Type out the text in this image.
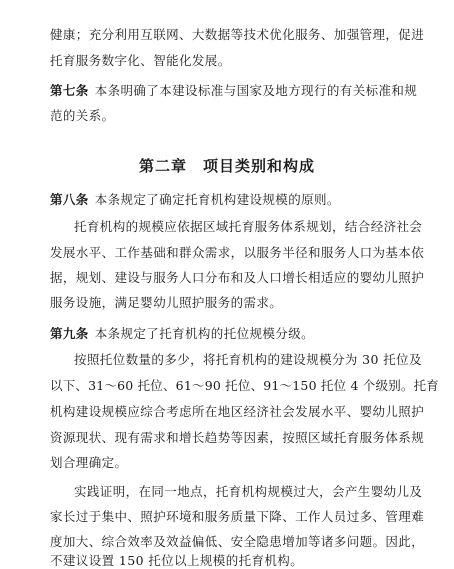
健康；充分利用互联网、大数据等技术优化服务、加强管理，促进
托育服务数字化、智能化发展。
第七条 本条明确了本建设标准与国家及地方现行的有关标准和规
范的关系。
第二章　项目类别和构成
第八条 本条规定了确定托育机构建设规模的原则。
托育机构的规模应依据区域托育服务体系规划，结合经济社会
发展水平、工作基础和群众需求，以服务半径和服务人口为基本依
据，规划、建设与服务人口分布和及人口增长相适应的婴幼儿照护
服务设施，满足婴幼儿照护服务的需求。
第九条 本条规定了托育机构的托位规模分级。
按照托位数量的多少，将托育机构的建设规模分为 30 托位及
以下、31～60 托位、61～90 托位、91～150 托位 4 个级别。托育
机构建设规模应综合考虑所在地区经济社会发展水平、婴幼儿照护
资源现状、现有需求和增长趋势等因素，按照区域托育服务体系规
划合理确定。
实践证明，在同一地点，托育机构规模过大，会产生婴幼儿及
家长过于集中、照护环境和服务质量下降、工作人员过多、管理难
度加大、综合效率及效益偏低、安全隐患增加等诸多问题。因此，
不建议设置 150 托位以上规模的托育机构。
